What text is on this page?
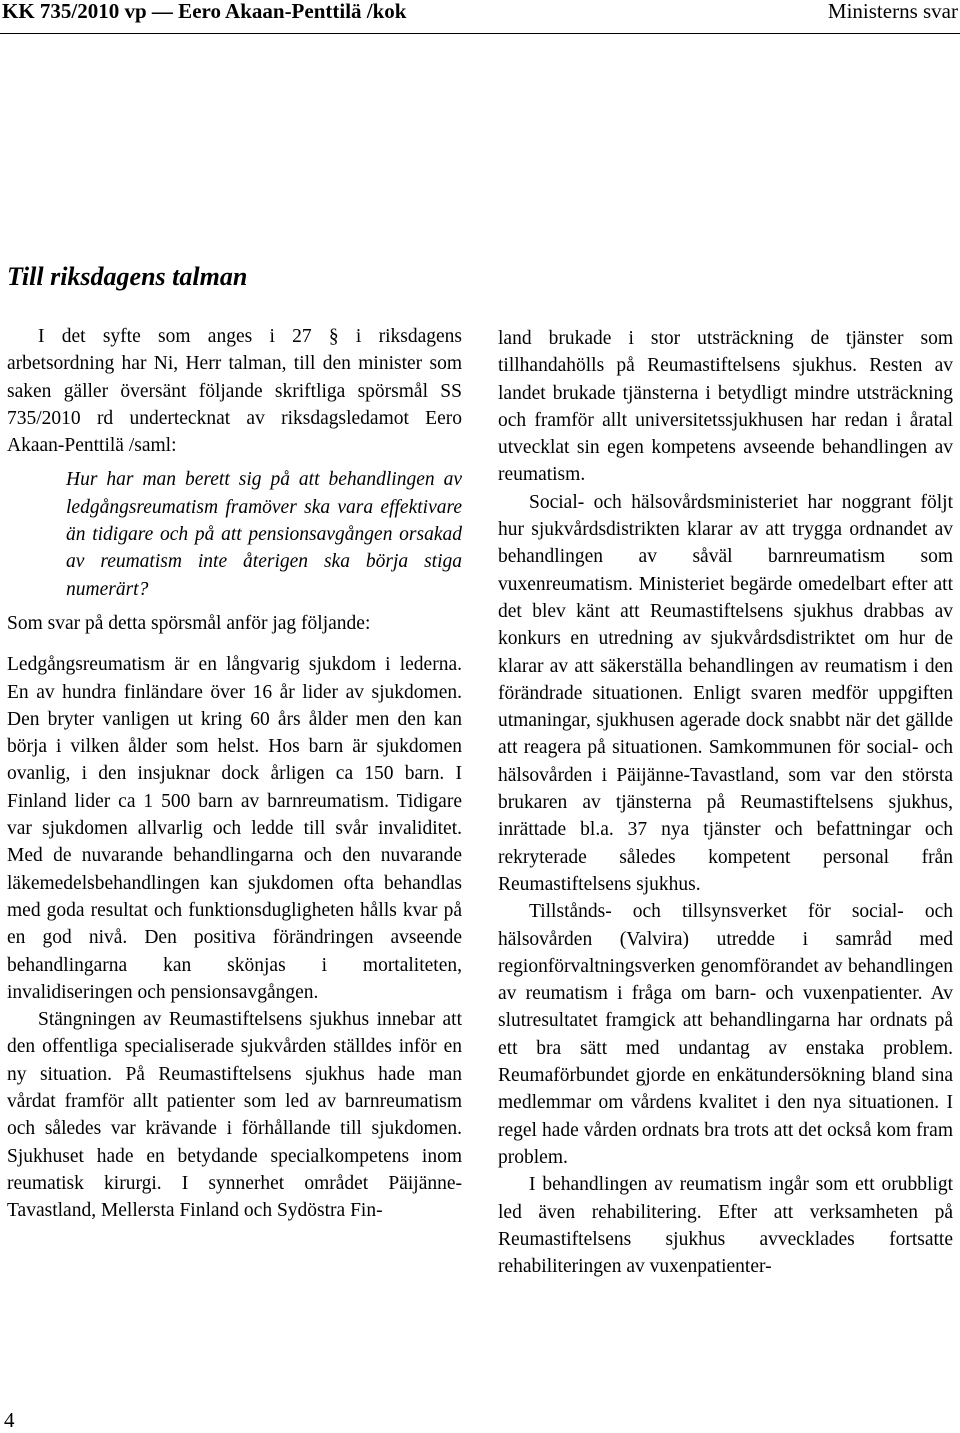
KK 735/2010 vp — Eero Akaan-Penttilä /kok	Ministerns svar
Till riksdagens talman

I det syfte som anges i 27 § i riksdagens arbetsordning har Ni, Herr talman, till den minister som saken gäller översänt följande skriftliga spörsmål SS 735/2010 rd undertecknat av riksdagsledamot Eero Akaan-Penttilä /saml:

Hur har man berett sig på att behandlingen av ledgångsreumatism framöver ska vara effektivare än tidigare och på att pensionsavgången orsakad av reumatism inte återigen ska börja stiga numerärt?

Som svar på detta spörsmål anför jag följande:

Ledgångsreumatism är en långvarig sjukdom i lederna. En av hundra finländare över 16 år lider av sjukdomen. Den bryter vanligen ut kring 60 års ålder men den kan börja i vilken ålder som helst. Hos barn är sjukdomen ovanlig, i den insjuknar dock årligen ca 150 barn. I Finland lider ca 1 500 barn av barnreumatism. Tidigare var sjukdomen allvarlig och ledde till svår invaliditet. Med de nuvarande behandlingarna och den nuvarande läkemedelsbehandlingen kan sjukdomen ofta behandlas med goda resultat och funktionsdugligheten hålls kvar på en god nivå. Den positiva förändringen avseende behandlingarna kan skönjas i mortaliteten, invalidiseringen och pensionsavgången.

Stängningen av Reumastiftelsens sjukhus innebar att den offentliga specialiserade sjukvården ställdes inför en ny situation. På Reumastiftelsens sjukhus hade man vårdat framför allt patienter som led av barnreumatism och således var krävande i förhållande till sjukdomen. Sjukhuset hade en betydande specialkompetens inom reumatisk kirurgi. I synnerhet området Päijänne-Tavastland, Mellersta Finland och Sydöstra Fin-

land brukade i stor utsträckning de tjänster som tillhandahölls på Reumastiftelsens sjukhus. Resten av landet brukade tjänsterna i betydligt mindre utsträckning och framför allt universitetssjukhusen har redan i åratal utvecklat sin egen kompetens avseende behandlingen av reumatism.

Social- och hälsovårdsministeriet har noggrant följt hur sjukvårdsdistrikten klarar av att trygga ordnandet av behandlingen av såväl barnreumatism som vuxenreumatism. Ministeriet begärde omedelbart efter att det blev känt att Reumastiftelsens sjukhus drabbas av konkurs en utredning av sjukvårdsdistriktet om hur de klarar av att säkerställa behandlingen av reumatism i den förändrade situationen. Enligt svaren medför uppgiften utmaningar, sjukhusen agerade dock snabbt när det gällde att reagera på situationen. Samkommunen för social- och hälsovården i Päijänne-Tavastland, som var den största brukaren av tjänsterna på Reumastiftelsens sjukhus, inrättade bl.a. 37 nya tjänster och befattningar och rekryterade således kompetent personal från Reumastiftelsens sjukhus.

Tillstånds- och tillsynsverket för social- och hälsovården (Valvira) utredde i samråd med regionförvaltningsverken genomförandet av behandlingen av reumatism i fråga om barn- och vuxenpatienter. Av slutresultatet framgick att behandlingarna har ordnats på ett bra sätt med undantag av enstaka problem. Reumaförbundet gjorde en enkätundersökning bland sina medlemmar om vårdens kvalitet i den nya situationen. I regel hade vården ordnats bra trots att det också kom fram problem.

I behandlingen av reumatism ingår som ett orubbligt led även rehabilitering. Efter att verksamheten på Reumastiftelsens sjukhus avvecklades fortsatte rehabiliteringen av vuxenpatienter-

4
